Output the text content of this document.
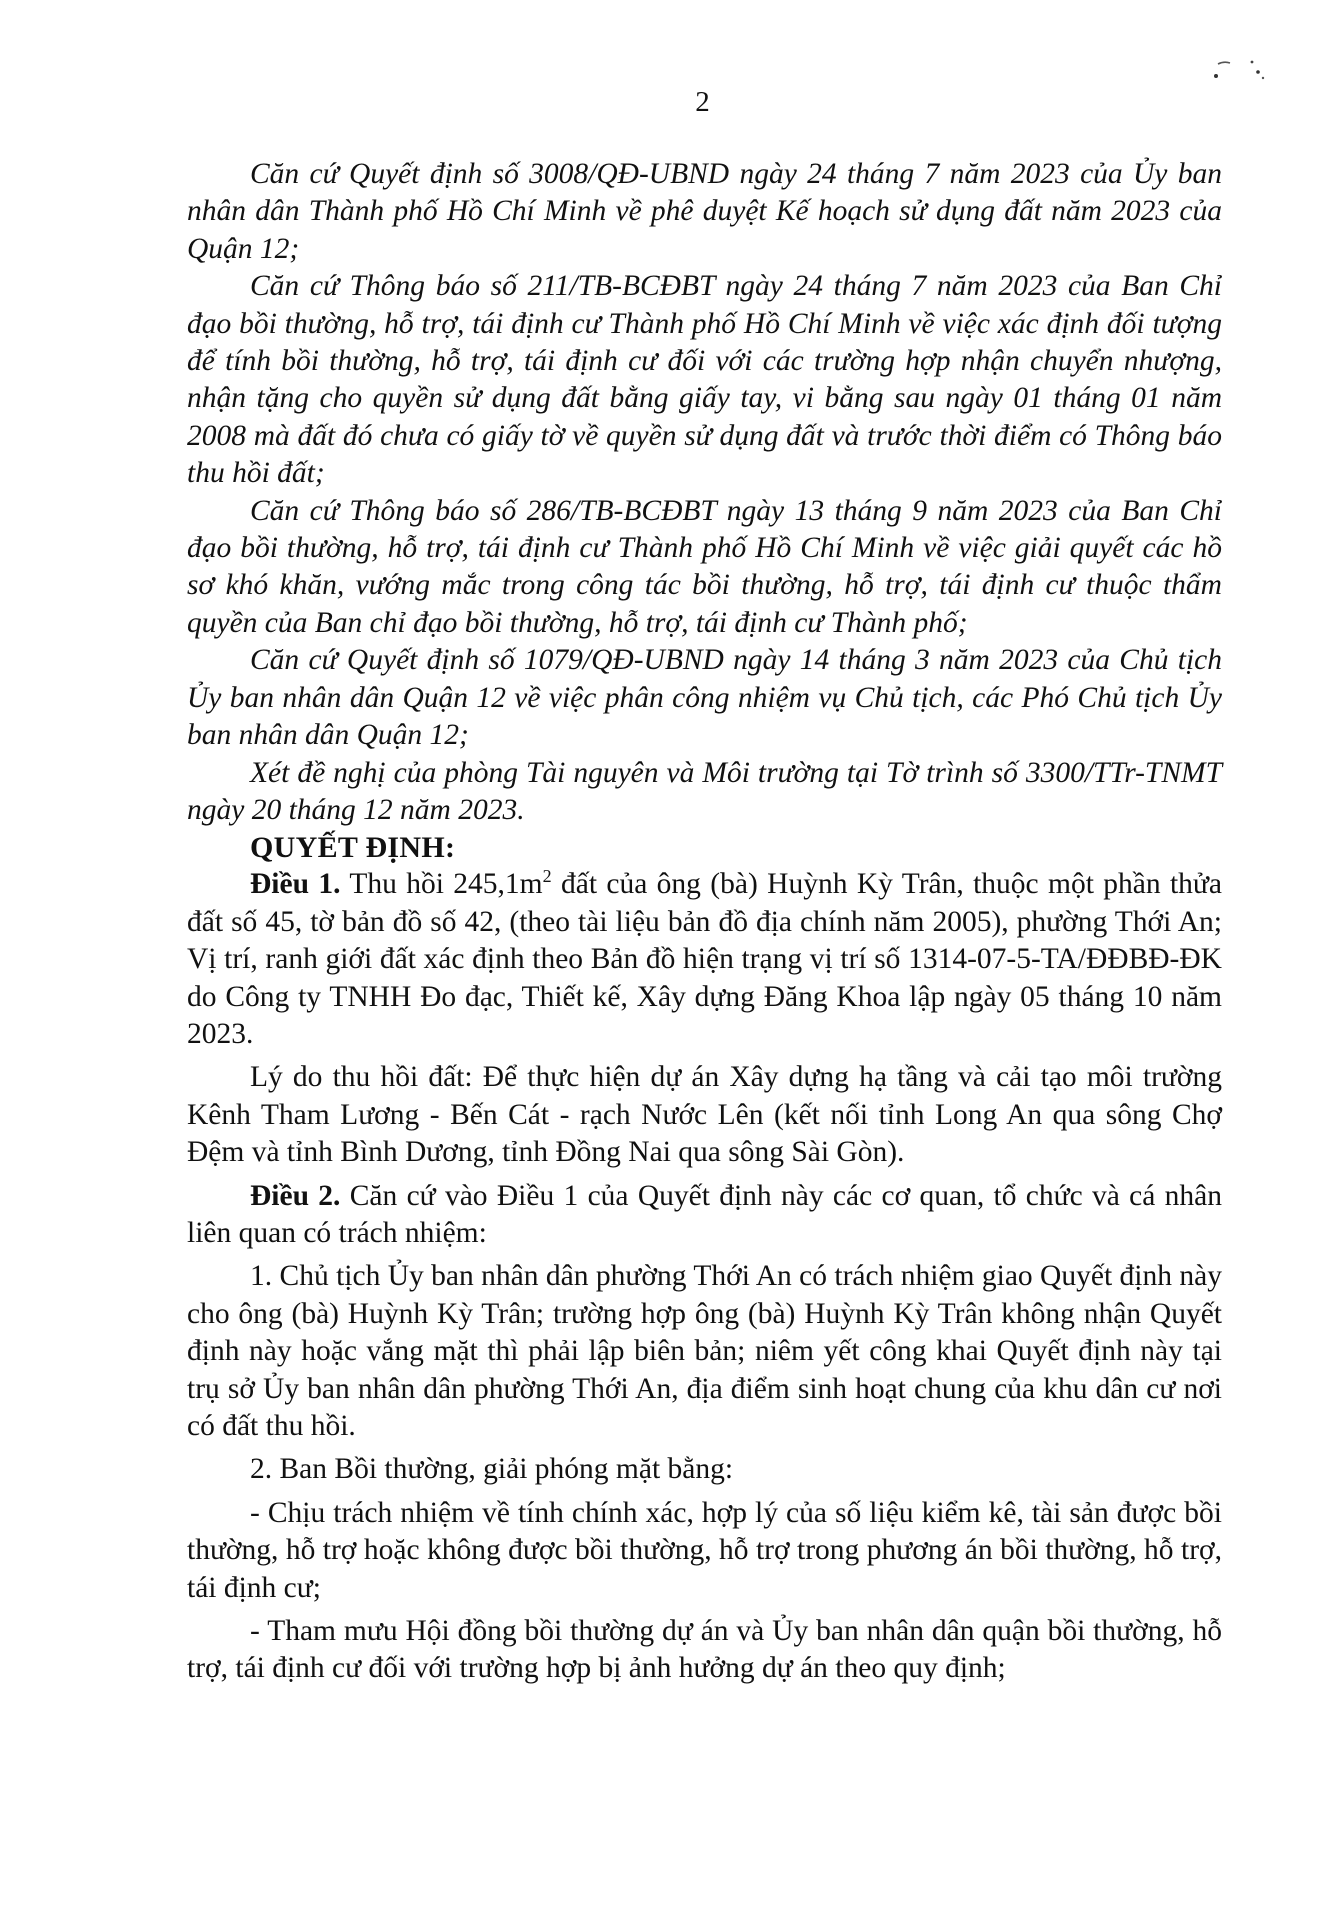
2

Căn cứ Quyết định số 3008/QĐ-UBND ngày 24 tháng 7 năm 2023 của Ủy ban nhân dân Thành phố Hồ Chí Minh về phê duyệt Kế hoạch sử dụng đất năm 2023 của Quận 12;

Căn cứ Thông báo số 211/TB-BCĐBT ngày 24 tháng 7 năm 2023 của Ban Chỉ đạo bồi thường, hỗ trợ, tái định cư Thành phố Hồ Chí Minh về việc xác định đối tượng để tính bồi thường, hỗ trợ, tái định cư đối với các trường hợp nhận chuyển nhượng, nhận tặng cho quyền sử dụng đất bằng giấy tay, vi bằng sau ngày 01 tháng 01 năm 2008 mà đất đó chưa có giấy tờ về quyền sử dụng đất và trước thời điểm có Thông báo thu hồi đất;

Căn cứ Thông báo số 286/TB-BCĐBT ngày 13 tháng 9 năm 2023 của Ban Chỉ đạo bồi thường, hỗ trợ, tái định cư Thành phố Hồ Chí Minh về việc giải quyết các hồ sơ khó khăn, vướng mắc trong công tác bồi thường, hỗ trợ, tái định cư thuộc thẩm quyền của Ban chỉ đạo bồi thường, hỗ trợ, tái định cư Thành phố;

Căn cứ Quyết định số 1079/QĐ-UBND ngày 14 tháng 3 năm 2023 của Chủ tịch Ủy ban nhân dân Quận 12 về việc phân công nhiệm vụ Chủ tịch, các Phó Chủ tịch Ủy ban nhân dân Quận 12;

Xét đề nghị của phòng Tài nguyên và Môi trường tại Tờ trình số 3300/TTr-TNMT ngày 20 tháng 12 năm 2023.

QUYẾT ĐỊNH:

Điều 1. Thu hồi $245,1m^2$ đất của ông (bà) Huỳnh Kỳ Trân, thuộc một phần thửa đất số 45, tờ bản đồ số 42, (theo tài liệu bản đồ địa chính năm 2005), phường Thới An; Vị trí, ranh giới đất xác định theo Bản đồ hiện trạng vị trí số 1314-07-5-TA/ĐĐBĐ-ĐK do Công ty TNHH Đo đạc, Thiết kế, Xây dựng Đăng Khoa lập ngày 05 tháng 10 năm 2023.

Lý do thu hồi đất: Để thực hiện dự án Xây dựng hạ tầng và cải tạo môi trường Kênh Tham Lương - Bến Cát - rạch Nước Lên (kết nối tỉnh Long An qua sông Chợ Đệm và tỉnh Bình Dương, tỉnh Đồng Nai qua sông Sài Gòn).

Điều 2. Căn cứ vào Điều 1 của Quyết định này các cơ quan, tổ chức và cá nhân liên quan có trách nhiệm:

1. Chủ tịch Ủy ban nhân dân phường Thới An có trách nhiệm giao Quyết định này cho ông (bà) Huỳnh Kỳ Trân; trường hợp ông (bà) Huỳnh Kỳ Trân không nhận Quyết định này hoặc vắng mặt thì phải lập biên bản; niêm yết công khai Quyết định này tại trụ sở Ủy ban nhân dân phường Thới An, địa điểm sinh hoạt chung của khu dân cư nơi có đất thu hồi.

2. Ban Bồi thường, giải phóng mặt bằng:

- Chịu trách nhiệm về tính chính xác, hợp lý của số liệu kiểm kê, tài sản được bồi thường, hỗ trợ hoặc không được bồi thường, hỗ trợ trong phương án bồi thường, hỗ trợ, tái định cư;

- Tham mưu Hội đồng bồi thường dự án và Ủy ban nhân dân quận bồi thường, hỗ trợ, tái định cư đối với trường hợp bị ảnh hưởng dự án theo quy định;
